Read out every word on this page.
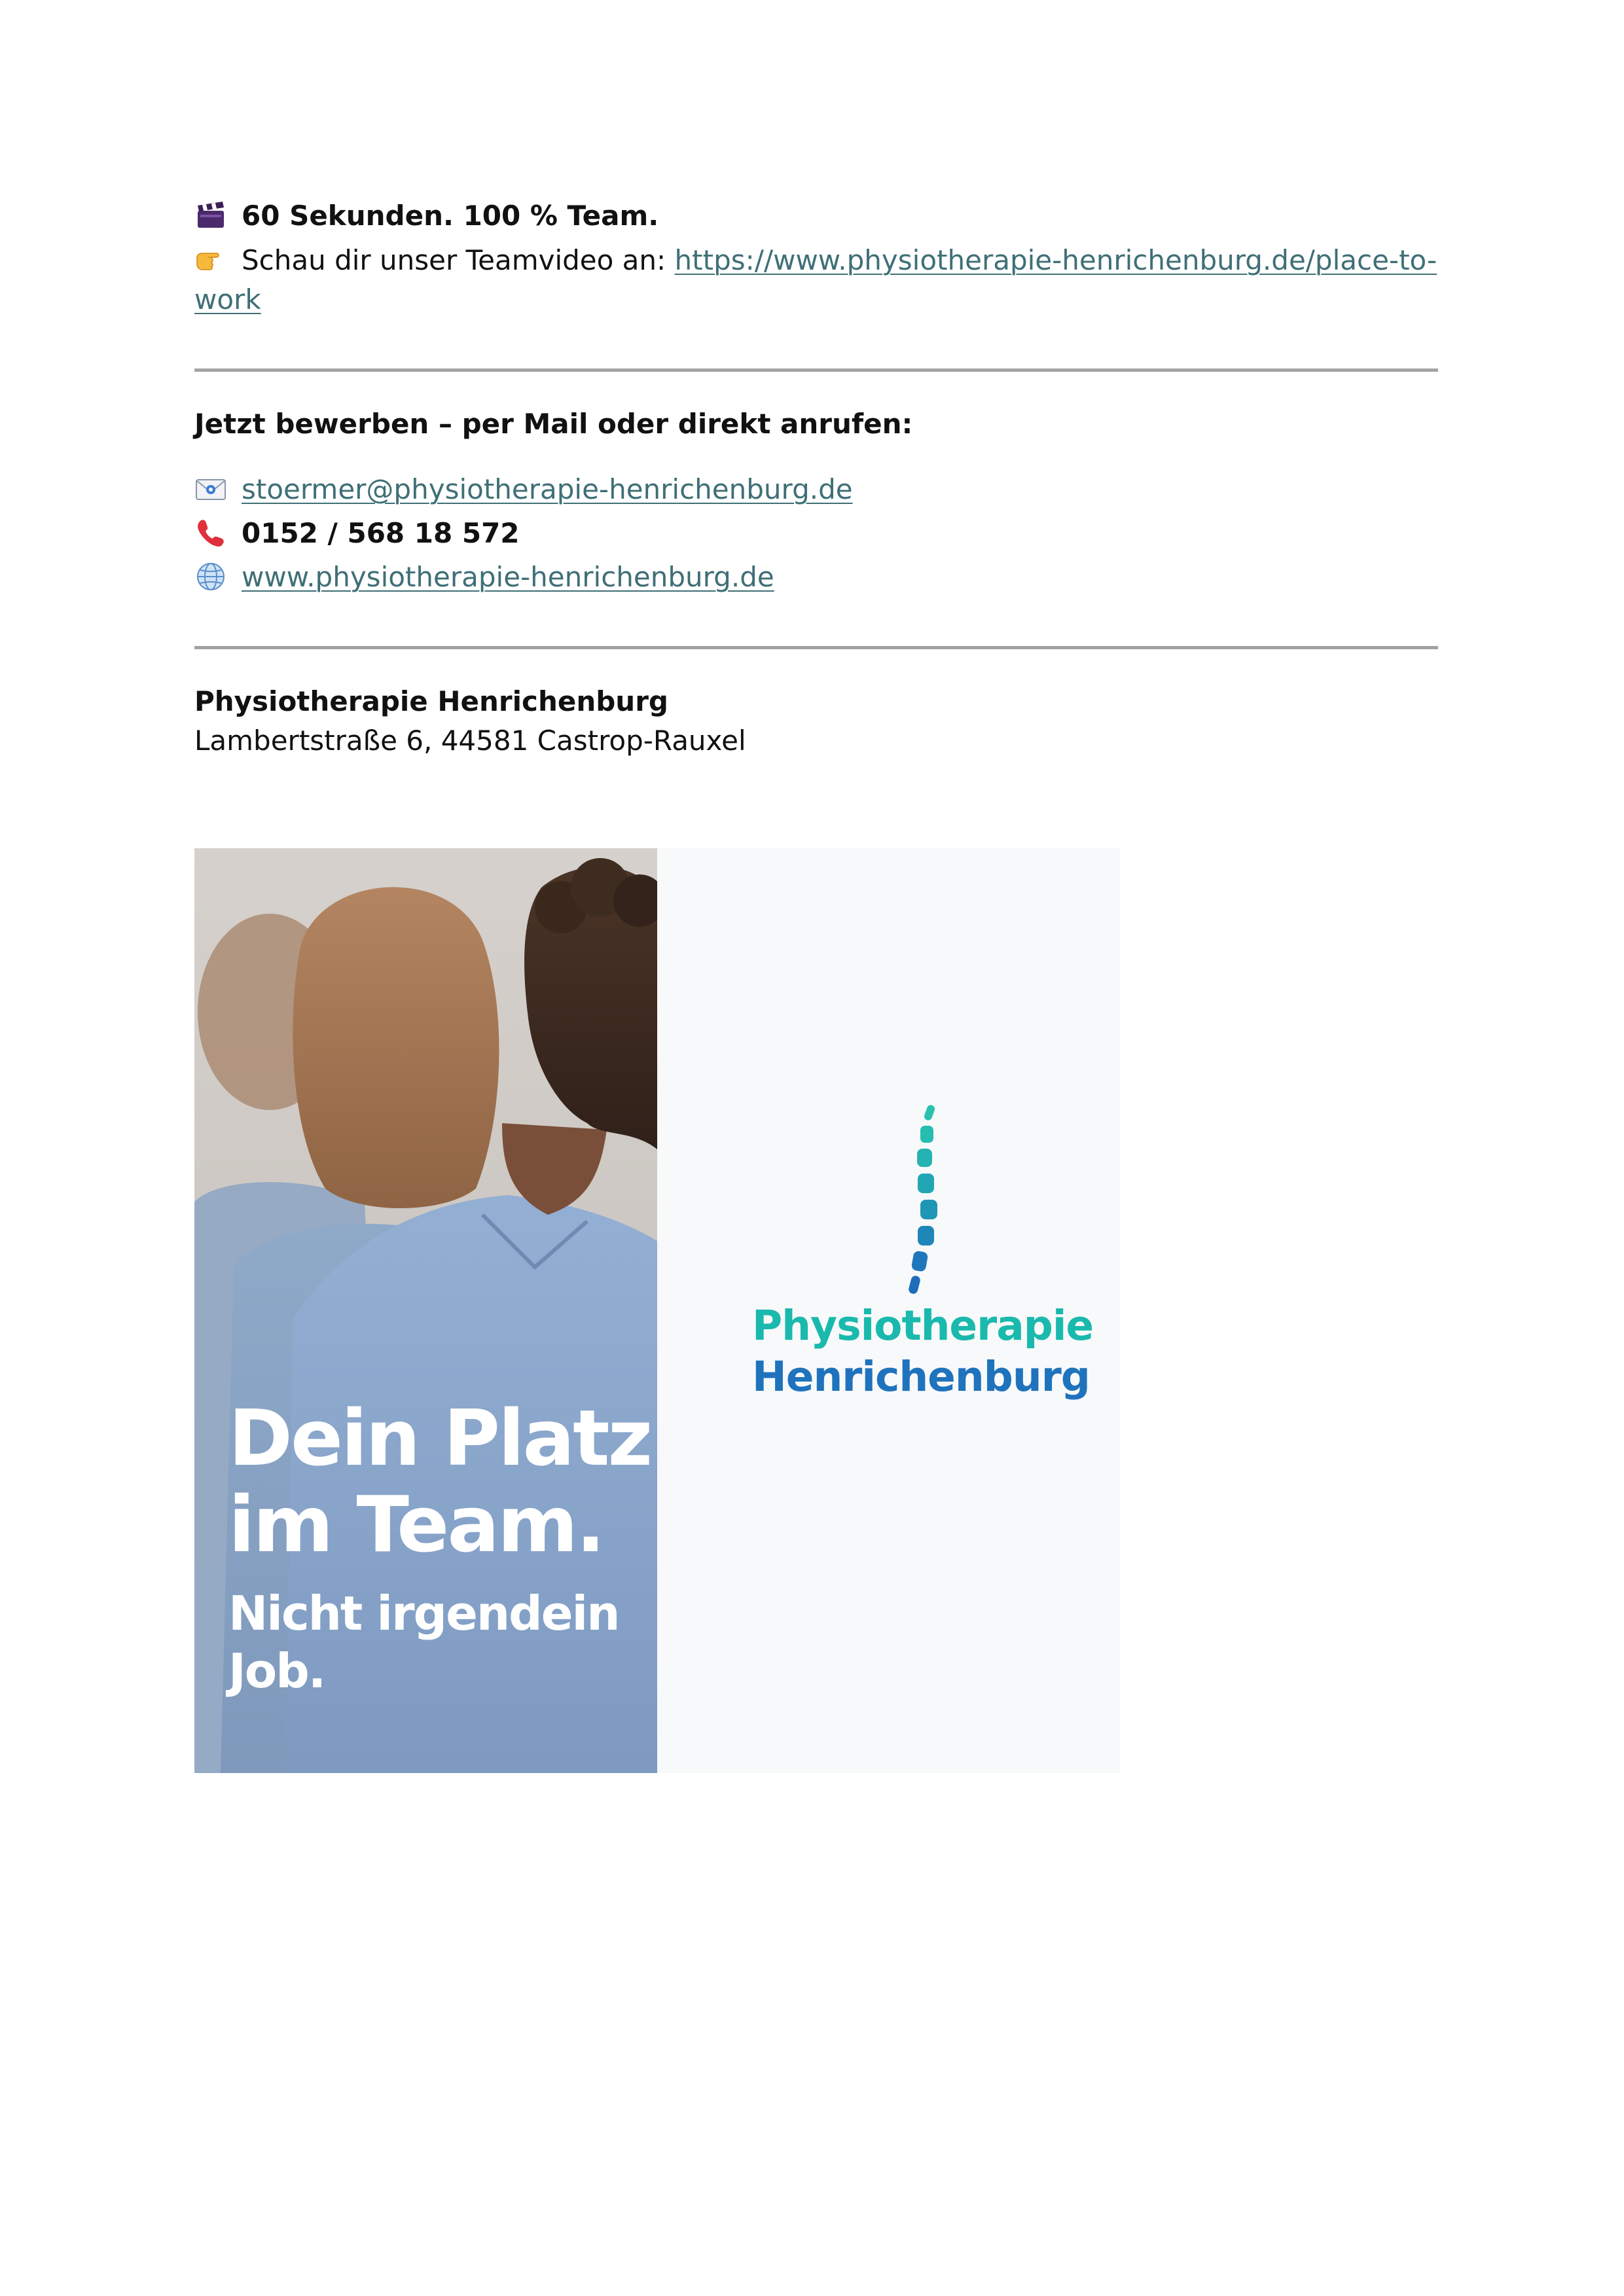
60 Sekunden. 100 % Team.
Schau dir unser Teamvideo an: https://www.physiotherapie-henrichenburg.de/place-to-
work
Jetzt bewerben – per Mail oder direkt anrufen:
stoermer@physiotherapie-henrichenburg.de
0152 / 568 18 572
www.physiotherapie-henrichenburg.de
Physiotherapie Henrichenburg
Lambertstraße 6, 44581 Castrop-Rauxel
Dein Platz
im Team.
Nicht irgendein
Job.
Physiotherapie
Henrichenburg
